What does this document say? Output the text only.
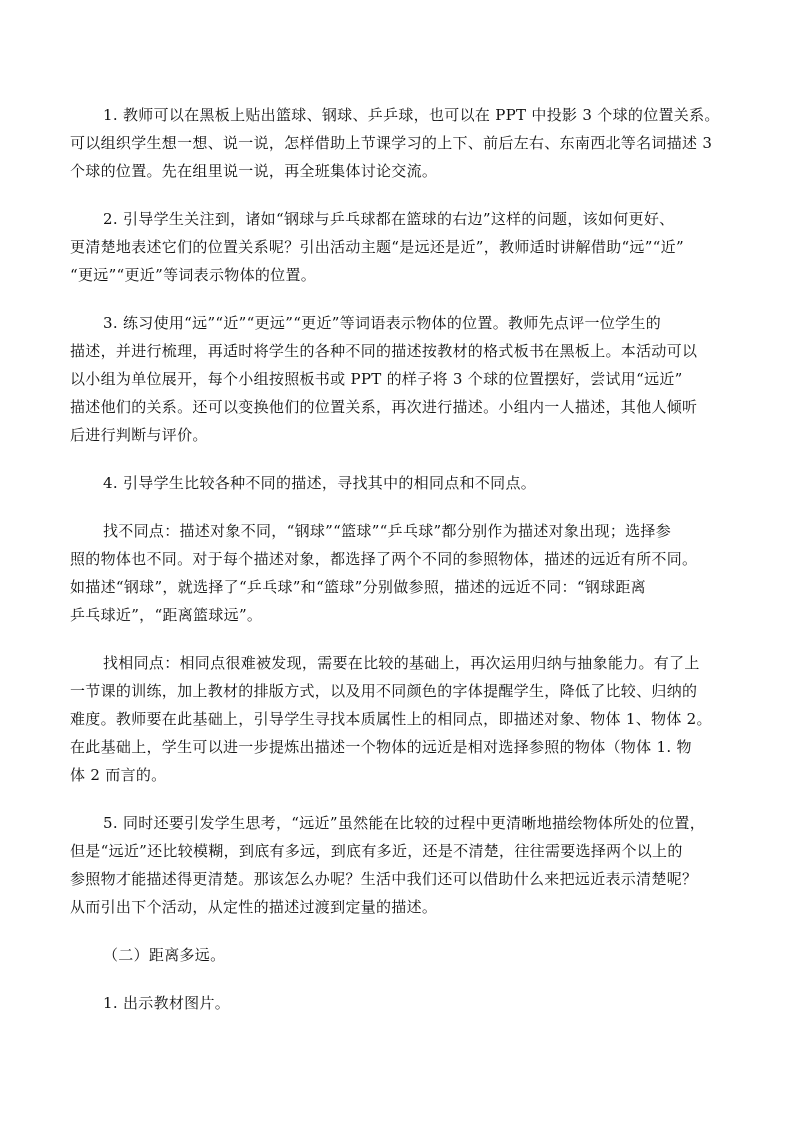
1. 教师可以在黑板上贴出篮球、钢球、乒乒球，也可以在 PPT 中投影 3 个球的位置关系。
可以组织学生想一想、说一说，怎样借助上节课学习的上下、前后左右、东南西北等名词描述 3
个球的位置。先在组里说一说，再全班集体讨论交流。

2. 引导学生关注到，诸如“钢球与乒乓球都在篮球的右边”这样的问题，该如何更好、
更清楚地表述它们的位置关系呢？引出活动主题“是远还是近”，教师适时讲解借助“远”“近”
“更远”“更近”等词表示物体的位置。

3. 练习使用“远”“近”“更远”“更近”等词语表示物体的位置。教师先点评一位学生的
描述，并进行梳理，再适时将学生的各种不同的描述按教材的格式板书在黑板上。本活动可以
以小组为单位展开，每个小组按照板书或 PPT 的样子将 3 个球的位置摆好，尝试用“远近”
描述他们的关系。还可以变换他们的位置关系，再次进行描述。小组内一人描述，其他人倾听
后进行判断与评价。

4. 引导学生比较各种不同的描述，寻找其中的相同点和不同点。

找不同点：描述对象不同，“钢球”“篮球”“乒乓球”都分别作为描述对象出现；选择参
照的物体也不同。对于每个描述对象，都选择了两个不同的参照物体，描述的远近有所不同。
如描述“钢球”，就选择了“乒乓球”和“篮球”分别做参照，描述的远近不同：“钢球距离
乒乓球近”，“距离篮球远”。

找相同点：相同点很难被发现，需要在比较的基础上，再次运用归纳与抽象能力。有了上
一节课的训练，加上教材的排版方式，以及用不同颜色的字体提醒学生，降低了比较、归纳的
难度。教师要在此基础上，引导学生寻找本质属性上的相同点，即描述对象、物体 1、物体 2。
在此基础上，学生可以进一步提炼出描述一个物体的远近是相对选择参照的物体（物体 1. 物
体 2 而言的。

5. 同时还要引发学生思考，“远近”虽然能在比较的过程中更清晰地描绘物体所处的位置，
但是“远近”还比较模糊，到底有多远，到底有多近，还是不清楚，往往需要选择两个以上的
参照物才能描述得更清楚。那该怎么办呢？生活中我们还可以借助什么来把远近表示清楚呢？
从而引出下个活动，从定性的描述过渡到定量的描述。

（二）距离多远。

1. 出示教材图片。
